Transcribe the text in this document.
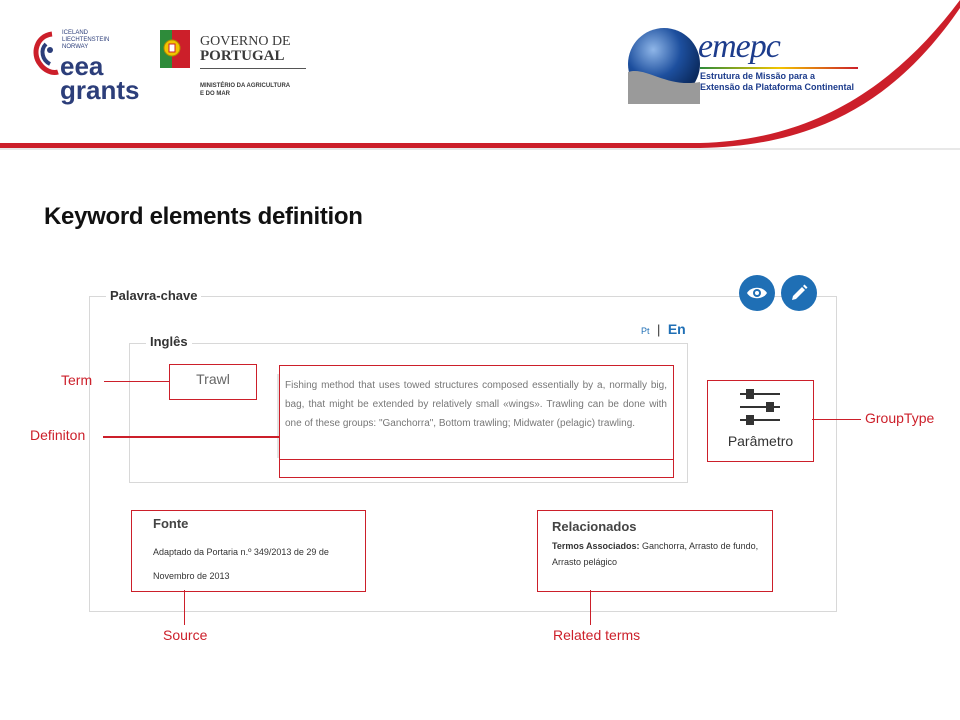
ICELAND
LIECHTENSTEIN
NORWAY
eea
grants
GOVERNO DE
PORTUGAL
MINISTÉRIO DA AGRICULTURA
E DO MAR
emepc
Estrutura de Missão para a
Extensão da Plataforma Continental
Keyword elements definition
Palavra-chave
Pt | En
Inglês
Trawl	Fishing method that uses towed structures composed essentially by a, normally big, bag, that might be extended by relatively small «wings». Trawling can be done with one of these groups: "Ganchorra", Bottom trawling; Midwater (pelagic) trawling.
Parâmetro
Fonte
Adaptado da Portaria n.º 349/2013 de 29 de Novembro de 2013
Relacionados
Termos Associados: Ganchorra, Arrasto de fundo, Arrasto pelágico
Term
Definiton
GroupType
Source	Related terms
